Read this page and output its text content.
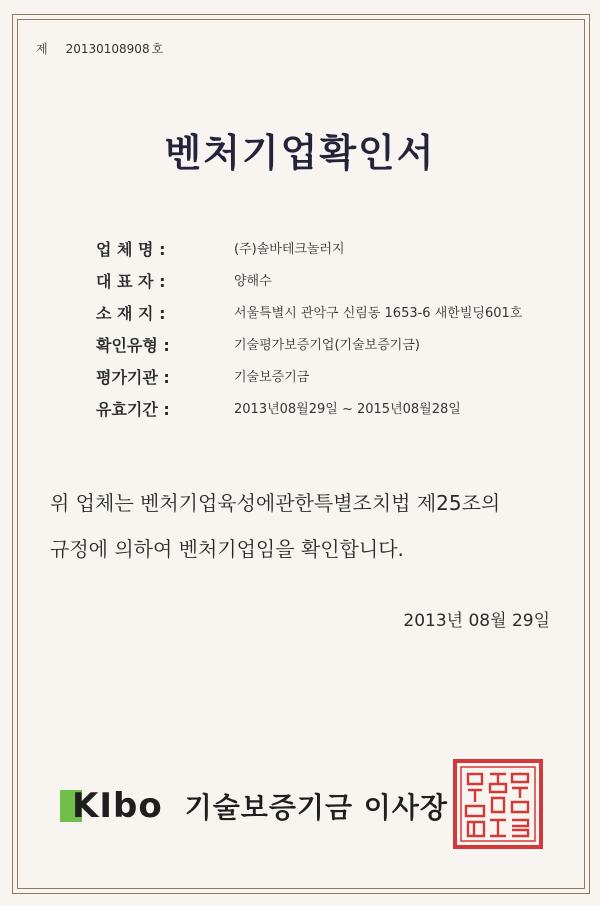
제 20130108908 호
벤처기업확인서
업 체 명 :	(주)솔바테크놀러지
대 표 자 :	양해수
소 재 지 :	서울특별시 관악구 신림동 1653-6 새한빌딩601호
확인유형 :	기술평가보증기업(기술보증기금)
평가기관 :	기술보증기금
유효기간 :	2013년08월29일 ~ 2015년08월28일
위 업체는 벤처기업육성에관한특별조치법 제25조의
규정에 의하여 벤처기업임을 확인합니다.
2013년 08월 29일
KIbo 기술보증기금 이사장
